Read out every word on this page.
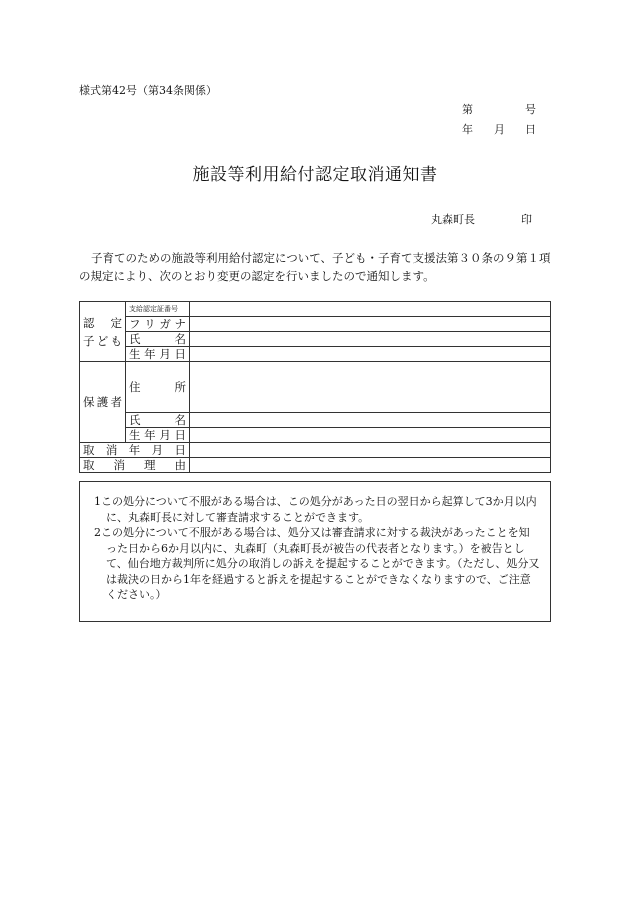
様式第42号（第34条関係）
第	号
年 月 日
施設等利用給付認定取消通知書
丸森町長	印
子育てのための施設等利用給付認定について、子ども・子育て支援法第３０条の９第１項の規定により、次のとおり変更の認定を行いましたので通知します。
認 定
子 ど も	支給認定証番号	

	フ リ ガ ナ	

	氏 名	

	生 年 月 日	

保 護 者	住 所	

	氏 名	

	生 年 月 日	

取 消 年 月 日		

取 消 理 由		

1この処分について不服がある場合は、この処分があった日の翌日から起算して3か月以内に、丸森町長に対して審査請求することができます。
2この処分について不服がある場合は、処分又は審査請求に対する裁決があったことを知った日から6か月以内に、丸森町（丸森町長が被告の代表者となります。）を被告として、仙台地方裁判所に処分の取消しの訴えを提起することができます。（ただし、処分又は裁決の日から1年を経過すると訴えを提起することができなくなりますので、ご注意ください。）
